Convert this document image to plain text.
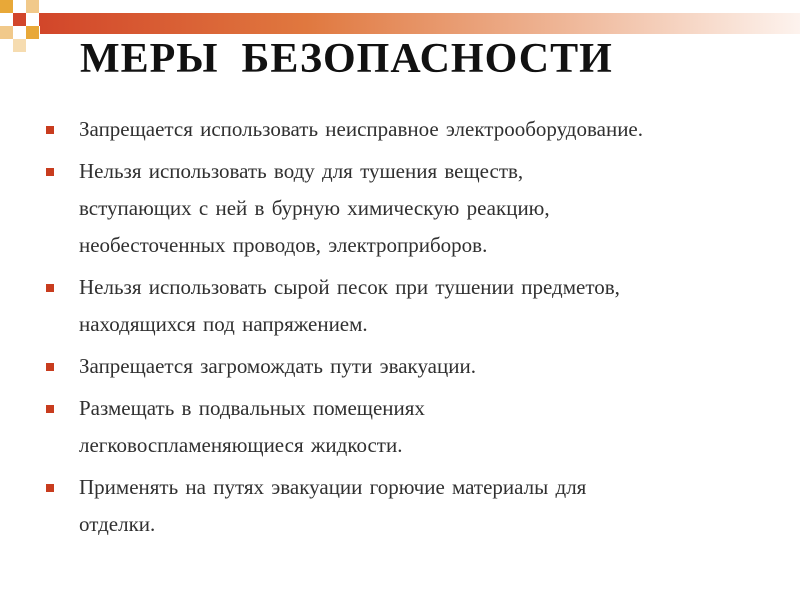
МЕРЫ  БЕЗОПАСНОСТИ
Запрещается использовать неисправное электрооборудование.
Нельзя использовать воду для тушения веществ,
вступающих с ней в бурную химическую реакцию,
необесточенных проводов, электроприборов.
Нельзя использовать сырой песок при тушении предметов,
находящихся под напряжением.
Запрещается загромождать пути эвакуации.
Размещать в подвальных помещениях
легковоспламеняющиеся жидкости.
Применять на путях эвакуации горючие материалы для
отделки.
